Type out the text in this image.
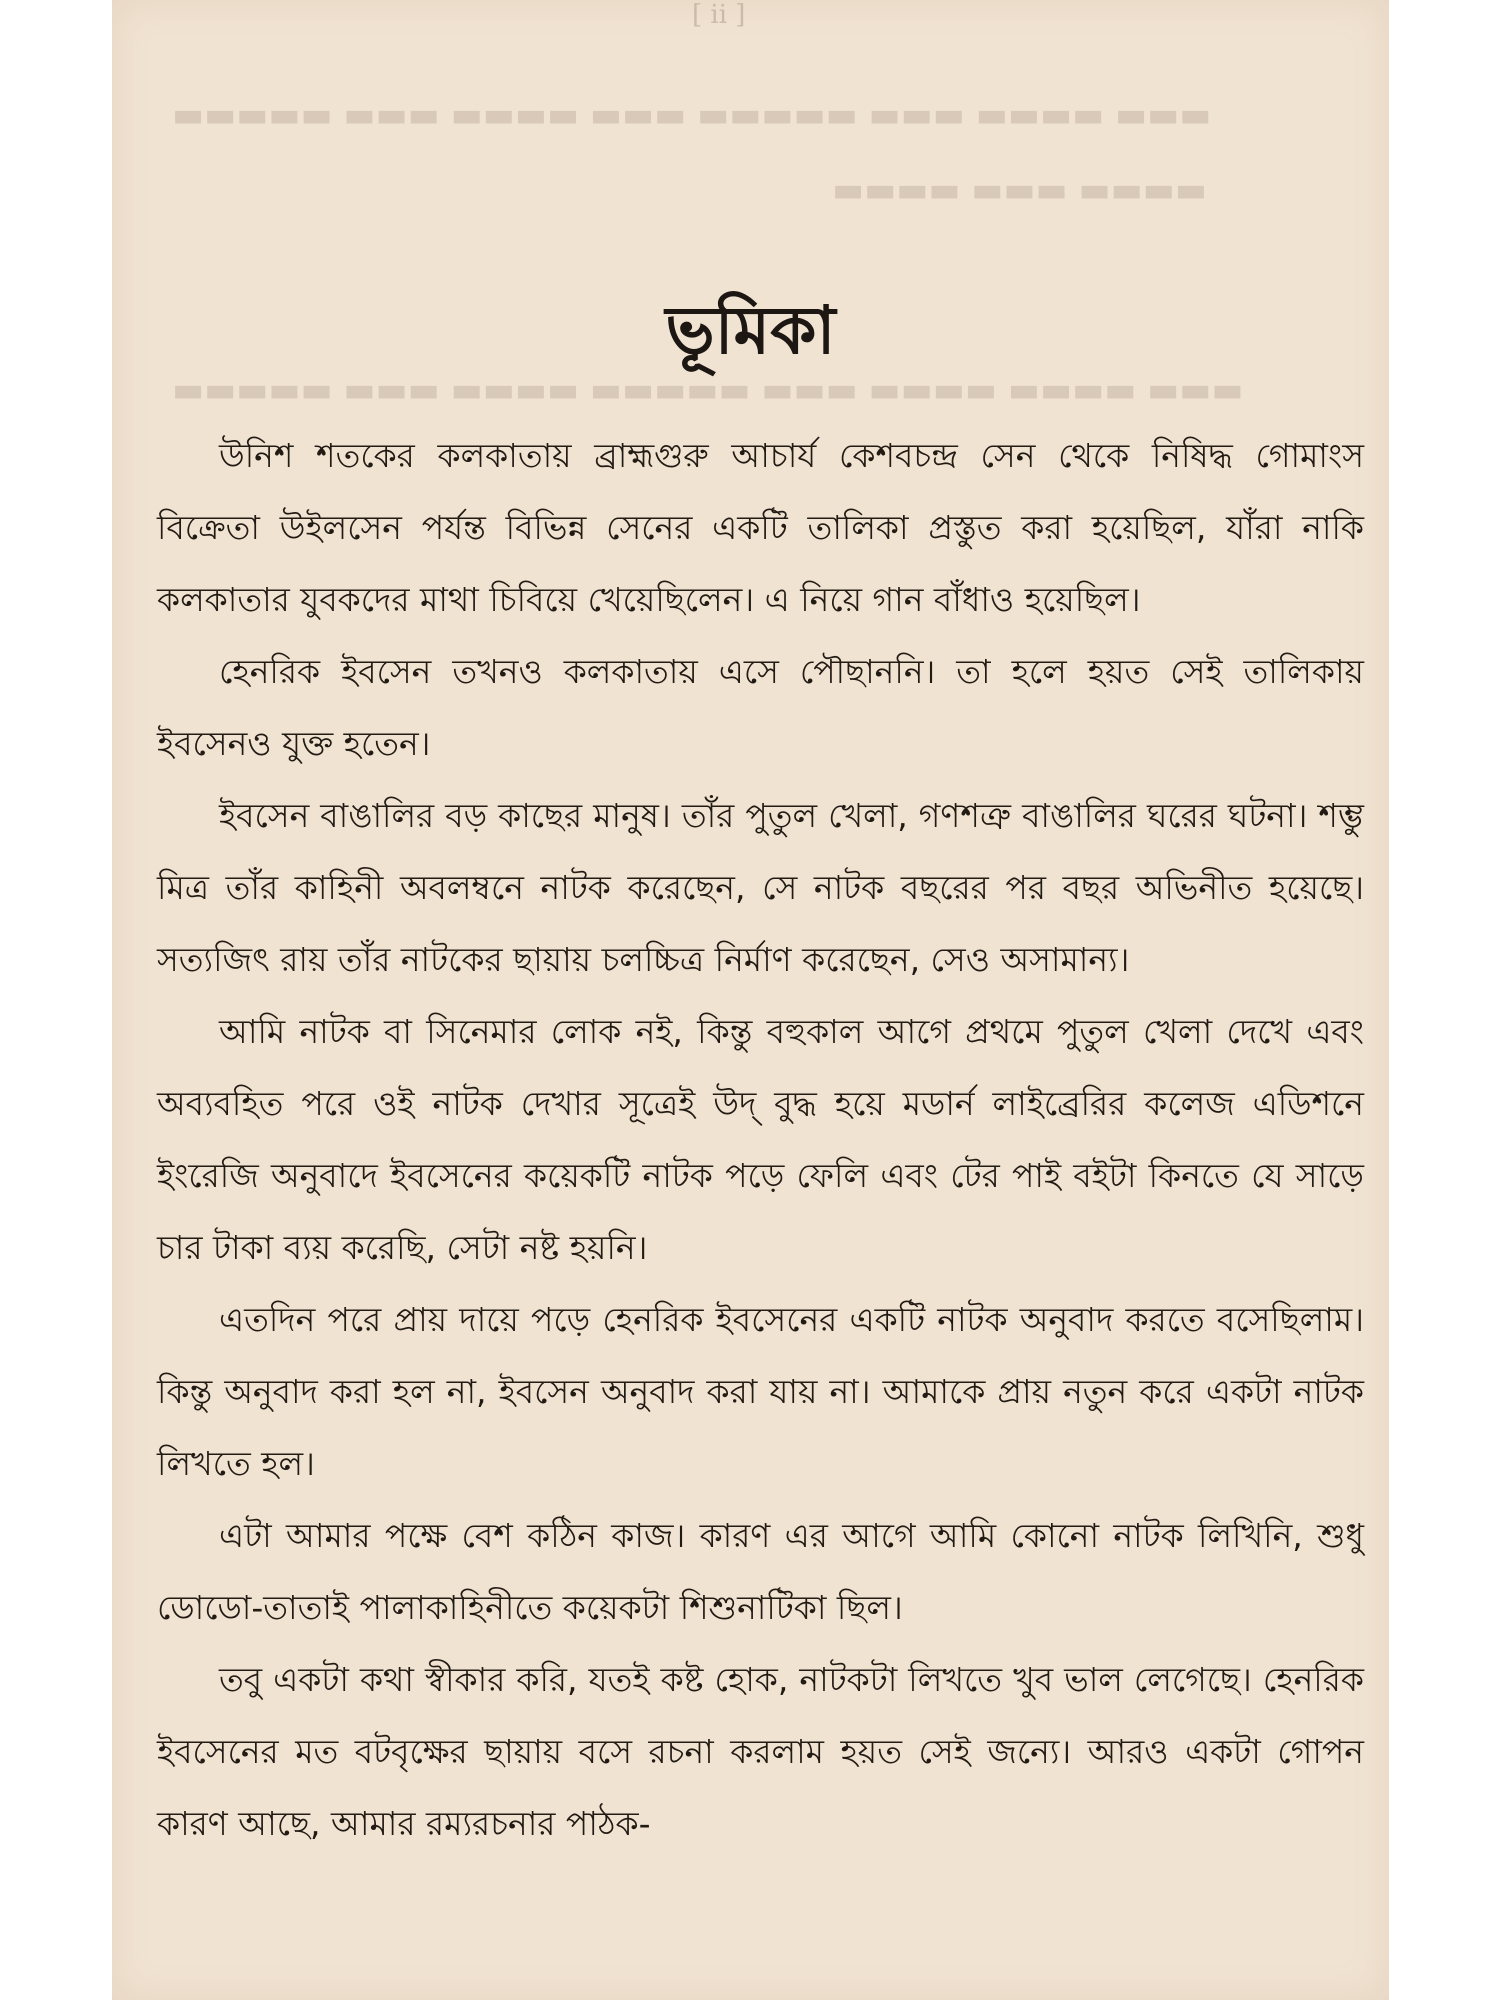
▬▬▬ ▬▬▬▬ ▬▬▬ ▬▬▬▬▬ ▬▬▬ ▬▬▬▬ ▬▬▬ ▬▬▬▬▬
▬▬▬▬ ▬▬▬ ▬▬▬▬
▬▬▬ ▬▬▬▬ ▬▬▬▬ ▬▬▬ ▬▬▬▬▬ ▬▬▬▬ ▬▬▬ ▬▬▬▬▬
[ ii ]
ভূমিকা

উনিশ শতকের কলকাতায় ব্রাহ্মগুরু আচার্য কেশবচন্দ্র সেন থেকে নিষিদ্ধ গোমাংস বিক্রেতা উইলসেন পর্যন্ত বিভিন্ন সেনের একটি তালিকা প্রস্তুত করা হয়েছিল, যাঁরা নাকি কলকাতার যুবকদের মাথা চিবিয়ে খেয়েছিলেন। এ নিয়ে গান বাঁধাও হয়েছিল।

হেনরিক ইবসেন তখনও কলকাতায় এসে পৌছাননি। তা হলে হয়ত সেই তালিকায় ইবসেনও যুক্ত হতেন।

ইবসেন বাঙালির বড় কাছের মানুষ। তাঁর পুতুল খেলা, গণশত্রু বাঙালির ঘরের ঘটনা। শম্ভু মিত্র তাঁর কাহিনী অবলম্বনে নাটক করেছেন, সে নাটক বছরের পর বছর অভিনীত হয়েছে। সত্যজিৎ রায় তাঁর নাটকের ছায়ায় চলচ্চিত্র নির্মাণ করেছেন, সেও অসামান্য।

আমি নাটক বা সিনেমার লোক নই, কিন্তু বহুকাল আগে প্রথমে পুতুল খেলা দেখে এবং অব্যবহিত পরে ওই নাটক দেখার সূত্রেই উদ্ বুদ্ধ হয়ে মডার্ন লাইব্রেরির কলেজ এডিশনে ইংরেজি অনুবাদে ইবসেনের কয়েকটি নাটক পড়ে ফেলি এবং টের পাই বইটা কিনতে যে সাড়ে চার টাকা ব্যয় করেছি, সেটা নষ্ট হয়নি।

এতদিন পরে প্রায় দায়ে পড়ে হেনরিক ইবসেনের একটি নাটক অনুবাদ করতে বসেছিলাম। কিন্তু অনুবাদ করা হল না, ইবসেন অনুবাদ করা যায় না। আমাকে প্রায় নতুন করে একটা নাটক লিখতে হল।

এটা আমার পক্ষে বেশ কঠিন কাজ। কারণ এর আগে আমি কোনো নাটক লিখিনি, শুধু ডোডো-তাতাই পালাকাহিনীতে কয়েকটা শিশুনাটিকা ছিল।

তবু একটা কথা স্বীকার করি, যতই কষ্ট হোক, নাটকটা লিখতে খুব ভাল লেগেছে। হেনরিক ইবসেনের মত বটবৃক্ষের ছায়ায় বসে রচনা করলাম হয়ত সেই জন্যে। আরও একটা গোপন কারণ আছে, আমার রম্যরচনার পাঠক-
